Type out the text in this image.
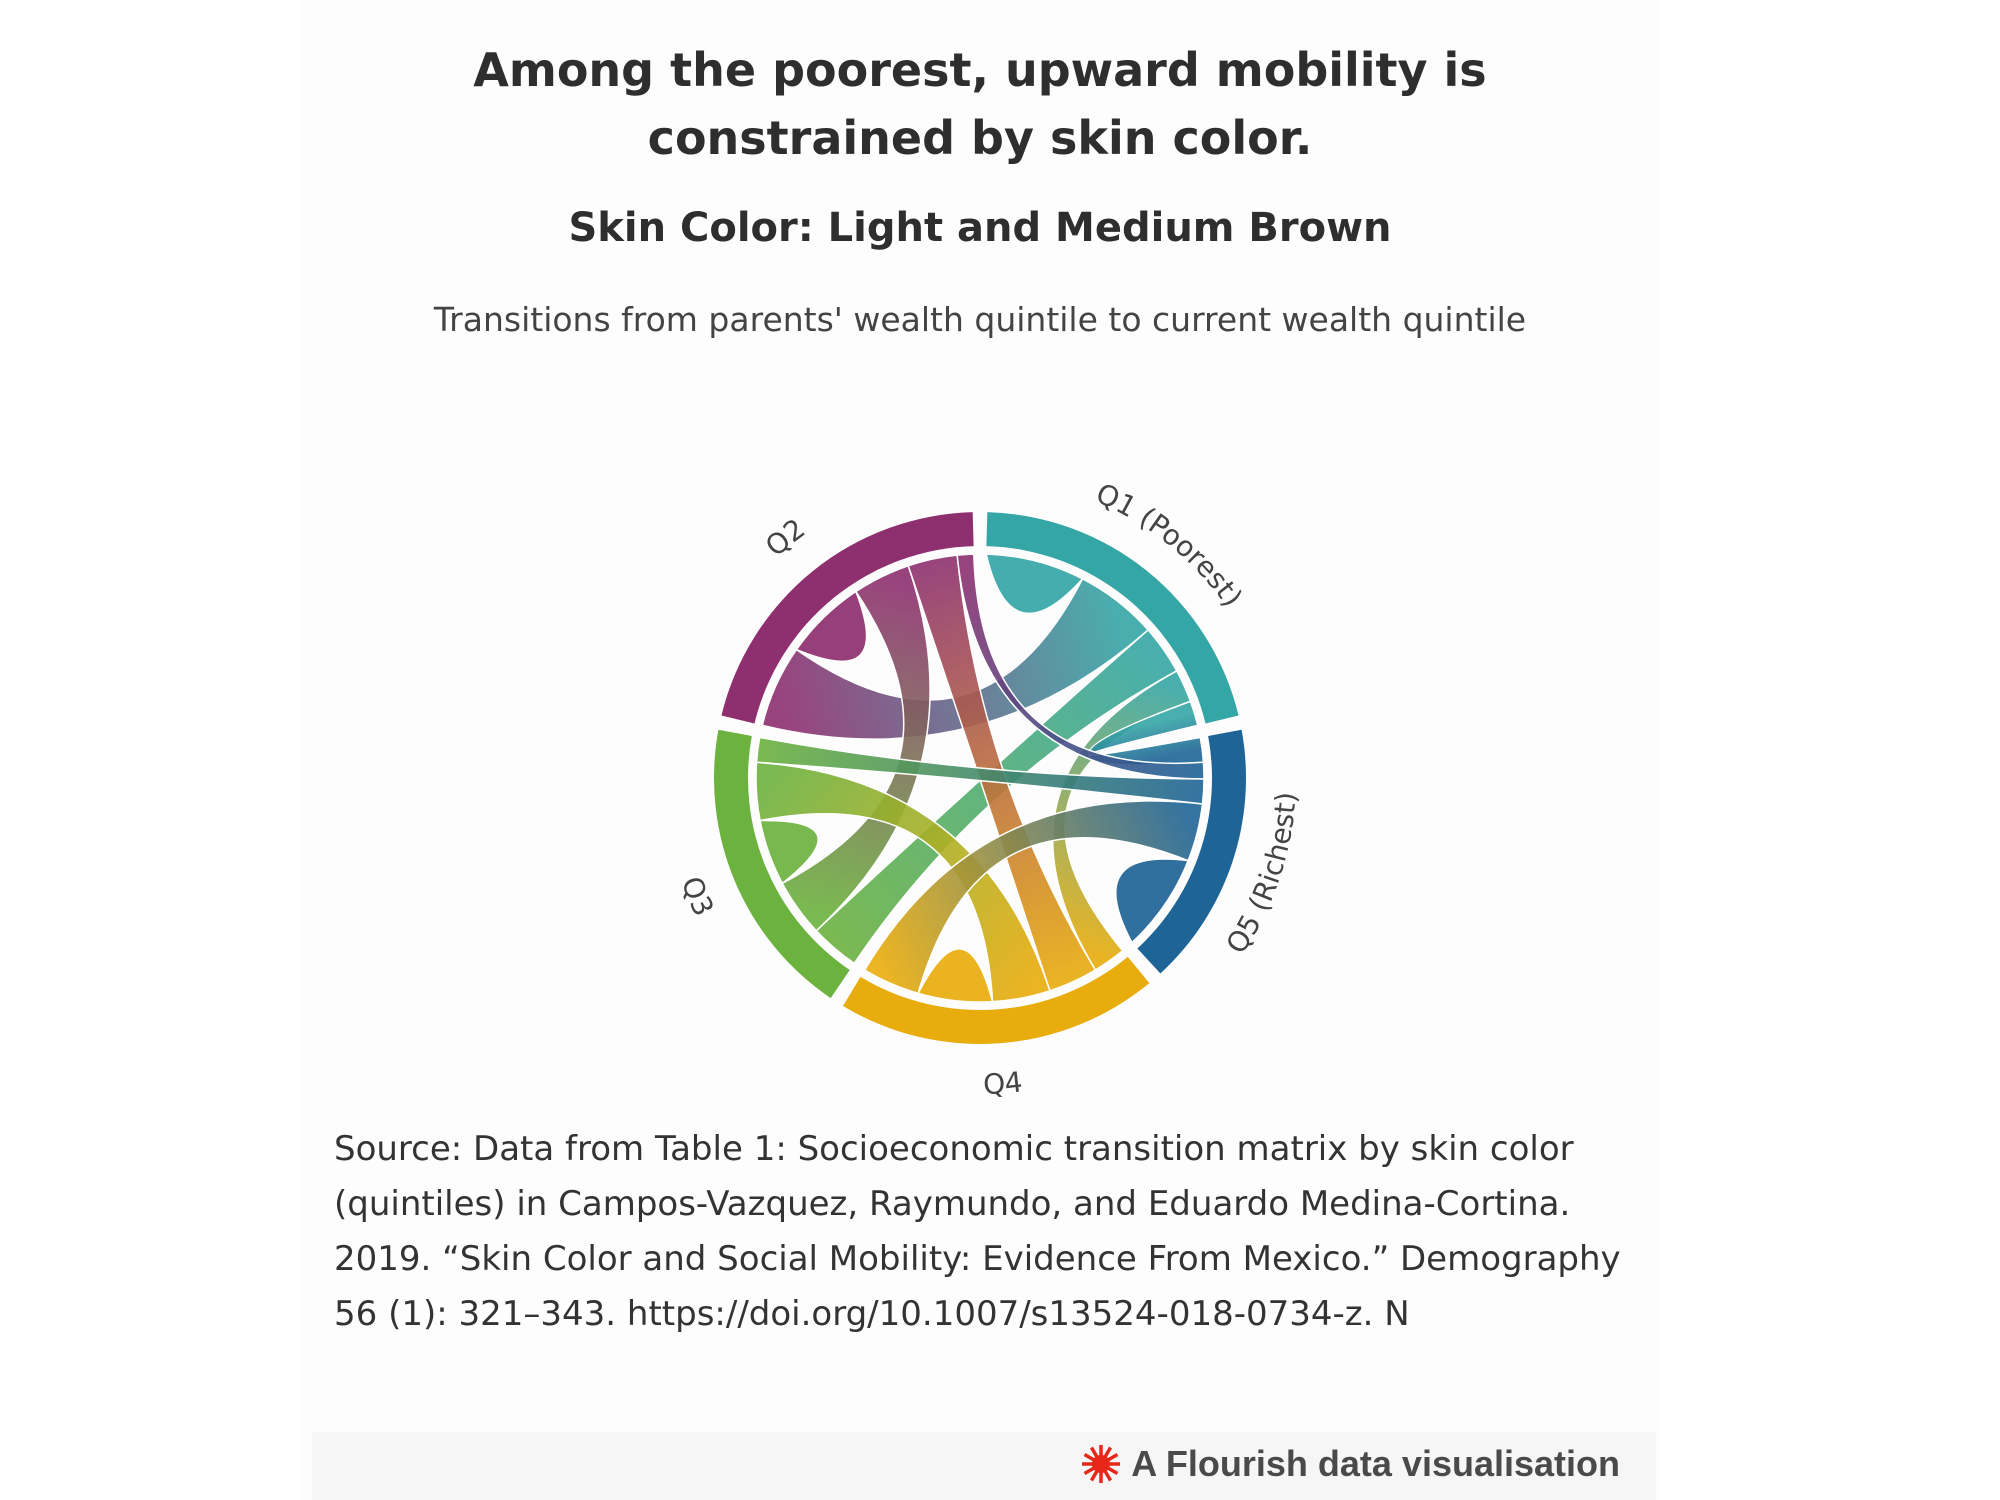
Among the poorest, upward mobility is
constrained by skin color.
Skin Color: Light and Medium Brown
Transitions from parents' wealth quintile to current wealth quintile
Q1 (Poorest)
Q5 (Richest)
Q4
Q3
Q2
Source: Data from Table 1: Socioeconomic transition matrix by skin color (quintiles) in Campos-Vazquez, Raymundo, and Eduardo Medina-Cortina. 2019. “Skin Color and Social Mobility: Evidence From Mexico.” Demography 56 (1): 321–343. https://doi.org/10.1007/s13524-018-0734-z. N
A Flourish data visualisation
